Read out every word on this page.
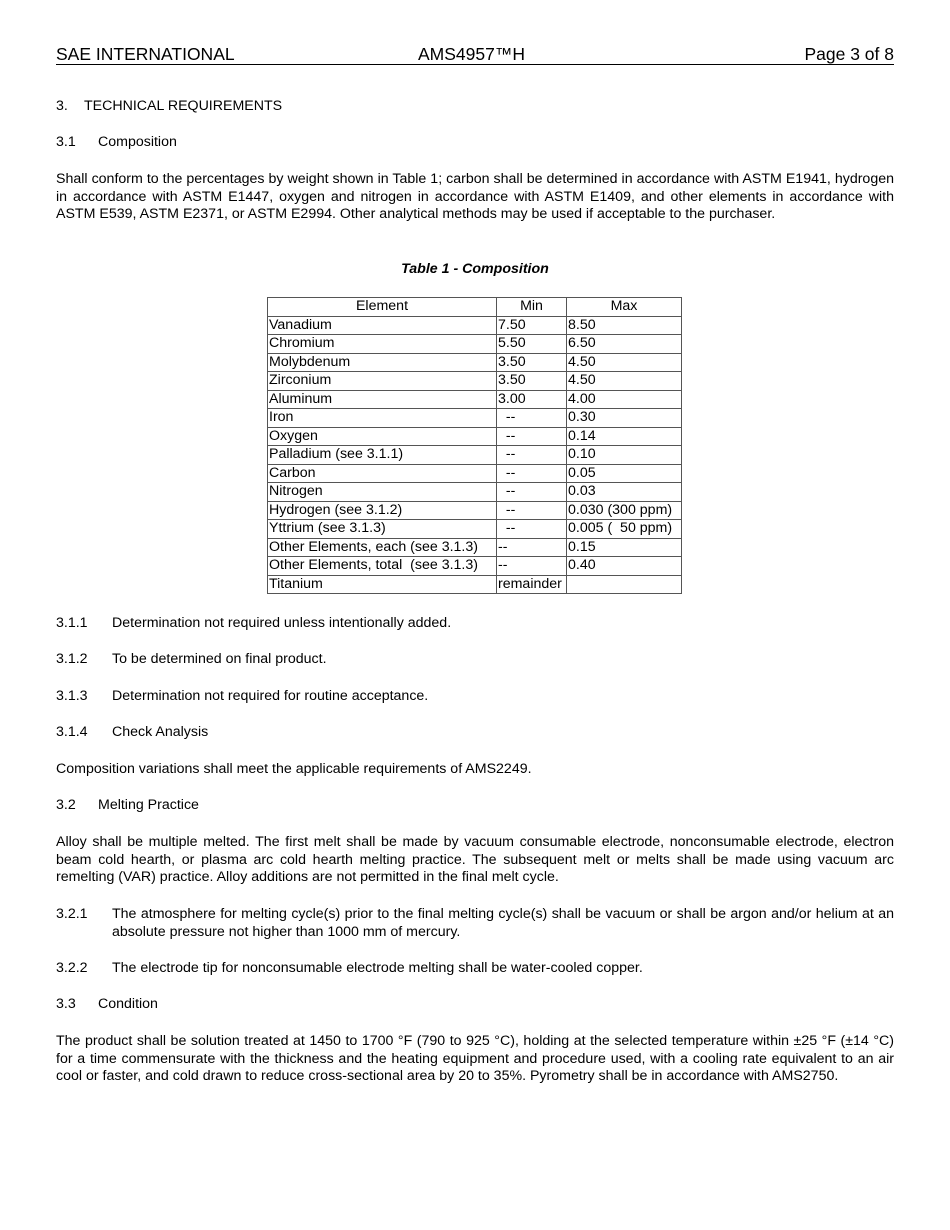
SAE INTERNATIONAL	AMS4957™H	Page 3 of 8
3. TECHNICAL REQUIREMENTS
3.1 Composition
Shall conform to the percentages by weight shown in Table 1; carbon shall be determined in accordance with ASTM E1941, hydrogen in accordance with ASTM E1447, oxygen and nitrogen in accordance with ASTM E1409, and other elements in accordance with ASTM E539, ASTM E2371, or ASTM E2994. Other analytical methods may be used if acceptable to the purchaser.
Table 1 - Composition
Element	Min	Max
Vanadium	7.50	8.50
Chromium	5.50	6.50
Molybdenum	3.50	4.50
Zirconium	3.50	4.50
Aluminum	3.00	4.00
Iron	--	0.30
Oxygen	--	0.14
Palladium (see 3.1.1)	--	0.10
Carbon	--	0.05
Nitrogen	--	0.03
Hydrogen (see 3.1.2)	--	0.030 (300 ppm)
Yttrium (see 3.1.3)	--	0.005 (  50 ppm)
Other Elements, each (see 3.1.3)	--	0.15
Other Elements, total  (see 3.1.3)	--	0.40
Titanium	remainder	
3.1.1 Determination not required unless intentionally added.
3.1.2 To be determined on final product.
3.1.3 Determination not required for routine acceptance.
3.1.4 Check Analysis
Composition variations shall meet the applicable requirements of AMS2249.
3.2 Melting Practice
Alloy shall be multiple melted. The first melt shall be made by vacuum consumable electrode, nonconsumable electrode, electron beam cold hearth, or plasma arc cold hearth melting practice. The subsequent melt or melts shall be made using vacuum arc remelting (VAR) practice. Alloy additions are not permitted in the final melt cycle.
3.2.1 The atmosphere for melting cycle(s) prior to the final melting cycle(s) shall be vacuum or shall be argon and/or helium at an absolute pressure not higher than 1000 mm of mercury.
3.2.2 The electrode tip for nonconsumable electrode melting shall be water-cooled copper.
3.3 Condition
The product shall be solution treated at 1450 to 1700 °F (790 to 925 °C), holding at the selected temperature within ±25 °F (±14 °C) for a time commensurate with the thickness and the heating equipment and procedure used, with a cooling rate equivalent to an air cool or faster, and cold drawn to reduce cross-sectional area by 20 to 35%. Pyrometry shall be in accordance with AMS2750.
